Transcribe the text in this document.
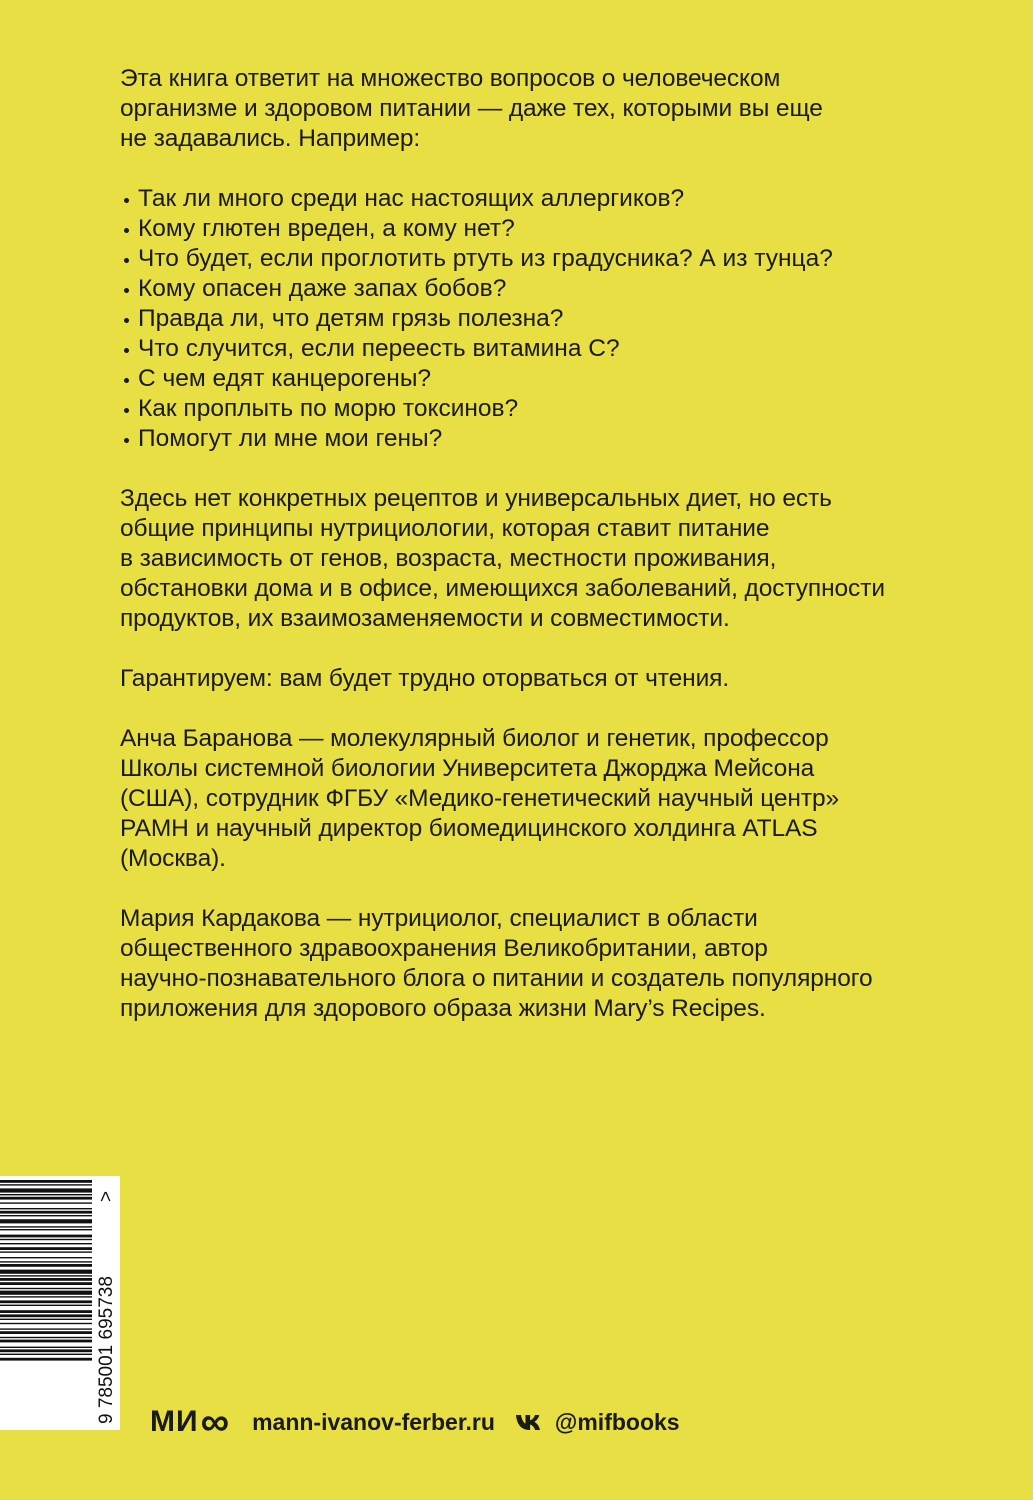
Эта книга ответит на множество вопросов о человеческом

организме и здоровом питании — даже тех, которыми вы еще

не задавались. Например:

Так ли много среди нас настоящих аллергиков?
Кому глютен вреден, а кому нет?
Что будет, если проглотить ртуть из градусника? А из тунца?
Кому опасен даже запах бобов?
Правда ли, что детям грязь полезна?
Что случится, если переесть витамина С?
С чем едят канцерогены?
Как проплыть по морю токсинов?
Помогут ли мне мои гены?
Здесь нет конкретных рецептов и универсальных диет, но есть
общие принципы нутрициологии, которая ставит питание
в зависимость от генов, возраста, местности проживания,
обстановки дома и в офисе, имеющихся заболеваний, доступности
продуктов, их взаимозаменяемости и совместимости.
Гарантируем: вам будет трудно оторваться от чтения.
Анча Баранова — молекулярный биолог и генетик, профессор
Школы системной биологии Университета Джорджа Мейсона
(США), сотрудник ФГБУ «Медико-генетический научный центр»
РАМН и научный директор биомедицинского холдинга ATLAS
(Москва).
Мария Кардакова — нутрициолог, специалист в области
общественного здравоохранения Великобритании, автор
научно-познавательного блога о питании и создатель популярного
приложения для здорового образа жизни Mary’s Recipes.
9 785001 695738
>
МИ ∞ mann-ivanov-ferber.ru	@mifbooks
